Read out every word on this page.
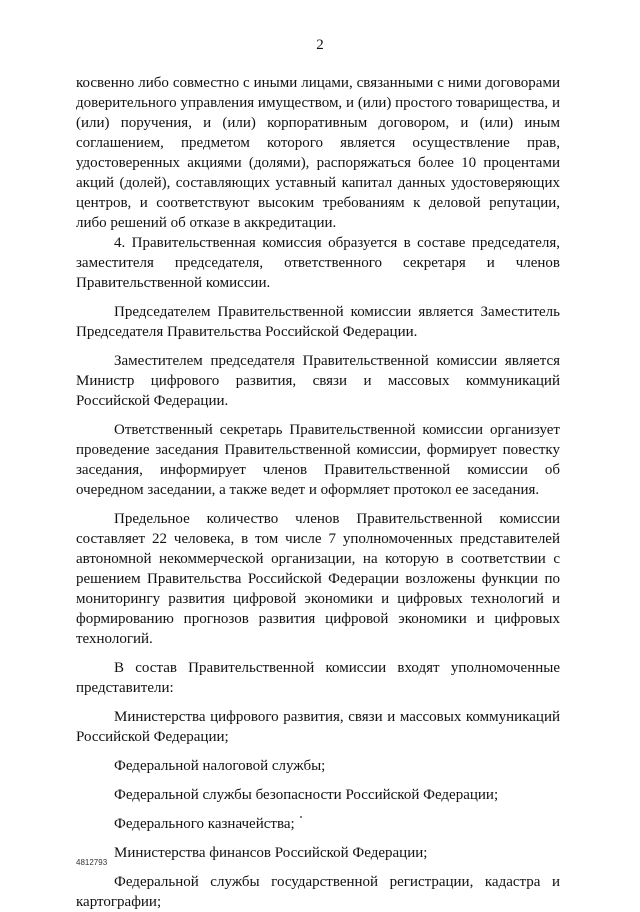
2

косвенно либо совместно с иными лицами, связанными с ними договорами доверительного управления имуществом, и (или) простого товарищества, и (или) поручения, и (или) корпоративным договором, и (или) иным соглашением, предметом которого является осуществление прав, удостоверенных акциями (долями), распоряжаться более 10 процентами акций (долей), составляющих уставный капитал данных удостоверяющих центров, и соответствуют высоким требованиям к деловой репутации, либо решений об отказе в аккредитации.

4. Правительственная комиссия образуется в составе председателя, заместителя председателя, ответственного секретаря и членов Правительственной комиссии.

Председателем Правительственной комиссии является Заместитель Председателя Правительства Российской Федерации.

Заместителем председателя Правительственной комиссии является Министр цифрового развития, связи и массовых коммуникаций Российской Федерации.

Ответственный секретарь Правительственной комиссии организует проведение заседания Правительственной комиссии, формирует повестку заседания, информирует членов Правительственной комиссии об очередном заседании, а также ведет и оформляет протокол ее заседания.

Предельное количество членов Правительственной комиссии составляет 22 человека, в том числе 7 уполномоченных представителей автономной некоммерческой организации, на которую в соответствии с решением Правительства Российской Федерации возложены функции по мониторингу развития цифровой экономики и цифровых технологий и формированию прогнозов развития цифровой экономики и цифровых технологий.

В состав Правительственной комиссии входят уполномоченные представители:

Министерства цифрового развития, связи и массовых коммуникаций Российской Федерации;

Федеральной налоговой службы;

Федеральной службы безопасности Российской Федерации;

Федерального казначейства;

Министерства финансов Российской Федерации;

Федеральной службы государственной регистрации, кадастра и картографии;

4812793
